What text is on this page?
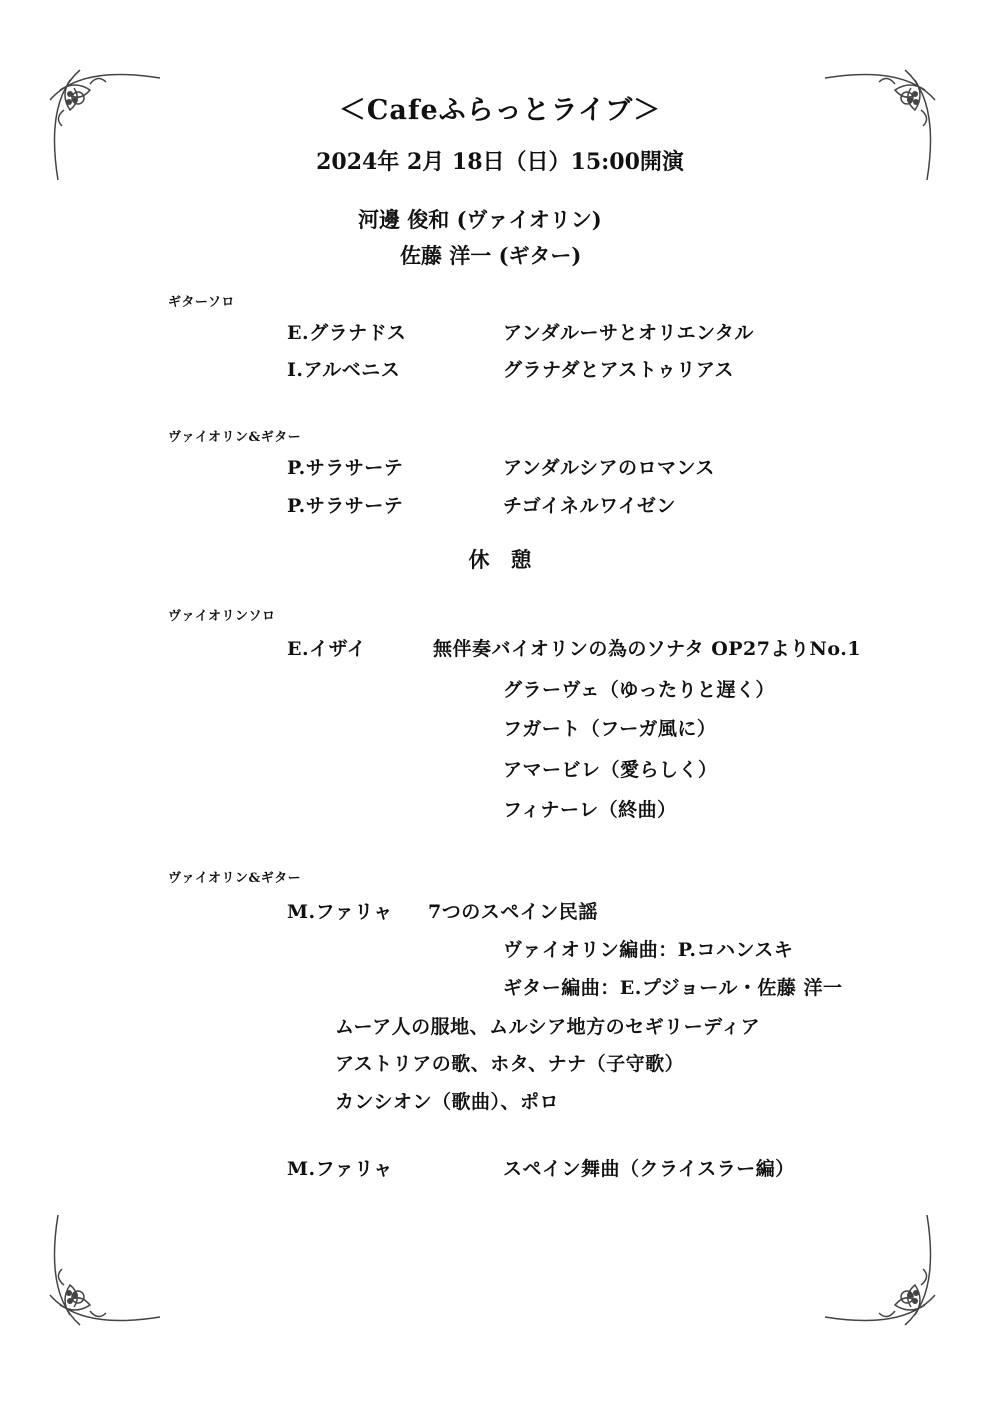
＜Cafeふらっとライブ＞
2024年 2月 18日（日）15:00開演
河邊 俊和 (ヴァイオリン)
佐藤 洋一 (ギター)
ギターソロ
E.グラナドス	アンダルーサとオリエンタル
I.アルベニス	グラナダとアストゥリアス
ヴァイオリン&ギター
P.サラサーテ	アンダルシアのロマンス
P.サラサーテ	チゴイネルワイゼン
休　憩
ヴァイオリンソロ
E.イザイ	無伴奏バイオリンの為のソナタ OP27よりNo.1
グラーヴェ（ゆったりと遅く）
フガート（フーガ風に）
アマービレ（愛らしく）
フィナーレ（終曲）
ヴァイオリン&ギター
M.ファリャ 7つのスペイン民謡
ヴァイオリン編曲：P.コハンスキ
ギター編曲：E.プジョール・佐藤 洋一
ムーア人の服地、ムルシア地方のセギリーディア
アストリアの歌、ホタ、ナナ（子守歌）
カンシオン（歌曲）、ポロ
M.ファリャ	スペイン舞曲（クライスラー編）
